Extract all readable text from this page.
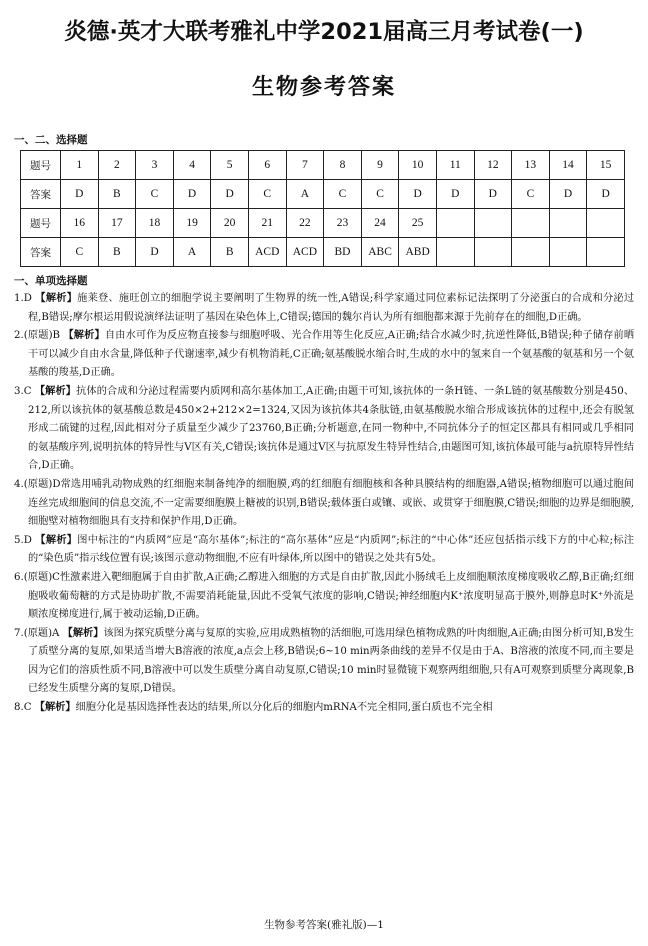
炎德·英才大联考雅礼中学2021届高三月考试卷(一)
生物参考答案
一、二、选择题
题号	1	2	3	4	5	6	7	8	9	10	11	12	13	14	15
答案	D	B	C	D	D	C	A	C	C	D	D	D	C	D	D
题号	16	17	18	19	20	21	22	23	24	25					
答案	C	B	D	A	B	ACD	ACD	BD	ABC	ABD					
一、单项选择题

1.D 【解析】施莱登、施旺创立的细胞学说主要阐明了生物界的统一性,A错误;科学家通过同位素标记法探明了分泌蛋白的合成和分泌过程,B错误;摩尔根运用假说演绎法证明了基因在染色体上,C错误;德国的魏尔肖认为所有细胞都来源于先前存在的细胞,D正确。

2.(原题)B 【解析】自由水可作为反应物直接参与细胞呼吸、光合作用等生化反应,A正确;结合水减少时,抗逆性降低,B错误;种子储存前晒干可以减少自由水含量,降低种子代谢速率,减少有机物消耗,C正确;氨基酸脱水缩合时,生成的水中的氢来自一个氨基酸的氨基和另一个氨基酸的羧基,D正确。

3.C 【解析】抗体的合成和分泌过程需要内质网和高尔基体加工,A正确;由题干可知,该抗体的一条H链、一条L链的氨基酸数分别是450、212,所以该抗体的氨基酸总数是450×2+212×2=1324,又因为该抗体共4条肽链,由氨基酸脱水缩合形成该抗体的过程中,还会有脱氢形成二硫键的过程,因此相对分子质量至少减少了23760,B正确;分析题意,在同一物种中,不同抗体分子的恒定区都具有相同或几乎相同的氨基酸序列,说明抗体的特异性与V区有关,C错误;该抗体是通过V区与抗原发生特异性结合,由题图可知,该抗体最可能与a抗原特异性结合,D正确。

4.(原题)D常选用哺乳动物成熟的红细胞来制备纯净的细胞膜,鸡的红细胞有细胞核和各种具膜结构的细胞器,A错误;植物细胞可以通过胞间连丝完成细胞间的信息交流,不一定需要细胞膜上糖被的识别,B错误;载体蛋白或镶、或嵌、或贯穿于细胞膜,C错误;细胞的边界是细胞膜,细胞壁对植物细胞具有支持和保护作用,D正确。

5.D 【解析】图中标注的“内质网”应是“高尔基体”;标注的“高尔基体”应是“内质网”;标注的“中心体”还应包括指示线下方的中心粒;标注的“染色质”指示线位置有误;该图示意动物细胞,不应有叶绿体,所以图中的错误之处共有5处。

6.(原题)C性激素进入靶细胞属于自由扩散,A正确;乙醇进入细胞的方式是自由扩散,因此小肠绒毛上皮细胞顺浓度梯度吸收乙醇,B正确;红细胞吸收葡萄糖的方式是协助扩散,不需要消耗能量,因此不受氧气浓度的影响,C错误;神经细胞内K⁺浓度明显高于膜外,则静息时K⁺外流是顺浓度梯度进行,属于被动运输,D正确。

7.(原题)A 【解析】该图为探究质壁分离与复原的实验,应用成熟植物的活细胞,可选用绿色植物成熟的叶肉细胞,A正确;由图分析可知,B发生了质壁分离的复原,如果适当增大B溶液的浓度,a点会上移,B错误;6~10 min两条曲线的差异不仅是由于A、B溶液的浓度不同,而主要是因为它们的溶质性质不同,B溶液中可以发生质壁分离自动复原,C错误;10 min时显微镜下观察两组细胞,只有A可观察到质壁分离现象,B已经发生质壁分离的复原,D错误。

8.C 【解析】细胞分化是基因选择性表达的结果,所以分化后的细胞内mRNA不完全相同,蛋白质也不完全相

生物参考答案(雅礼版)—1
